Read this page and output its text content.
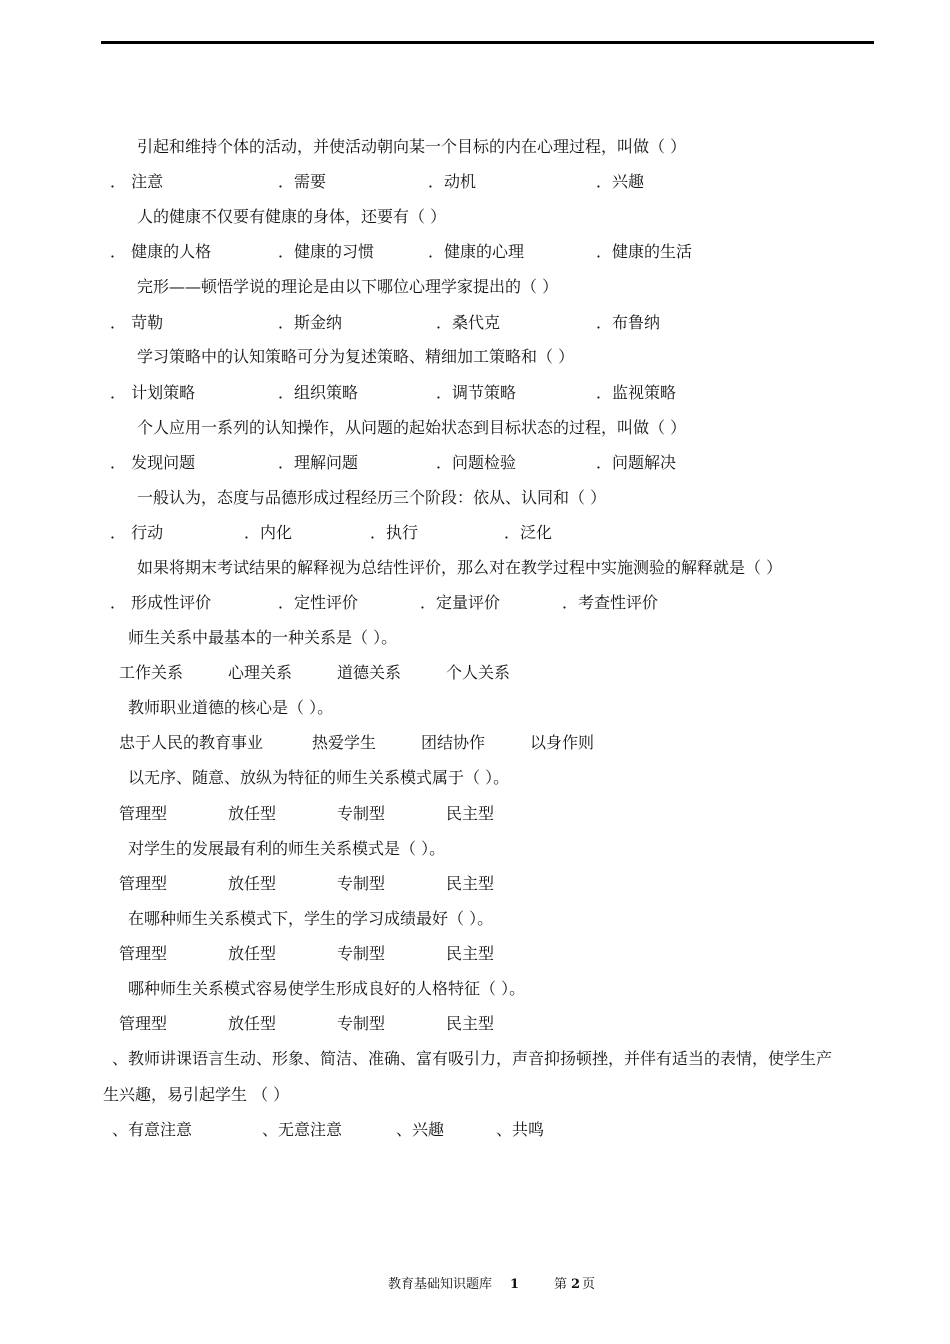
引起和维持个体的活动，并使活动朝向某一个目标的内在心理过程，叫做（ ）
． 注意	．需要	．动机	．兴趣
人的健康不仅要有健康的身体，还要有（ ）
． 健康的人格	．健康的习惯	．健康的心理	．健康的生活
完形——顿悟学说的理论是由以下哪位心理学家提出的（ ）
． 苛勒	．斯金纳	．桑代克	．布鲁纳
学习策略中的认知策略可分为复述策略、精细加工策略和（ ）
． 计划策略	．组织策略	．调节策略	．监视策略
个人应用一系列的认知操作，从问题的起始状态到目标状态的过程，叫做（ ）
． 发现问题	．理解问题	．问题检验	．问题解决
一般认为，态度与品德形成过程经历三个阶段：依从、认同和（ ）
． 行动	．内化	．执行	．泛化
如果将期末考试结果的解释视为总结性评价，那么对在教学过程中实施测验的解释就是（ ）
． 形成性评价	．定性评价	．定量评价	．考查性评价
师生关系中最基本的一种关系是（ ）。
工作关系	心理关系	道德关系	个人关系
教师职业道德的核心是（ ）。
忠于人民的教育事业	热爱学生	团结协作	以身作则
以无序、随意、放纵为特征的师生关系模式属于（ ）。
管理型	放任型	专制型	民主型
对学生的发展最有利的师生关系模式是（ ）。
管理型	放任型	专制型	民主型
在哪种师生关系模式下，学生的学习成绩最好（ ）。
管理型	放任型	专制型	民主型
哪种师生关系模式容易使学生形成良好的人格特征（ ）。
管理型	放任型	专制型	民主型
、教师讲课语言生动、形象、简洁、准确、富有吸引力，声音抑扬顿挫，并伴有适当的表情，使学生产
生兴趣，易引起学生 （ ）
、有意注意	、无意注意	、兴趣	、共鸣
教育基础知识题库 1	第 2 页
